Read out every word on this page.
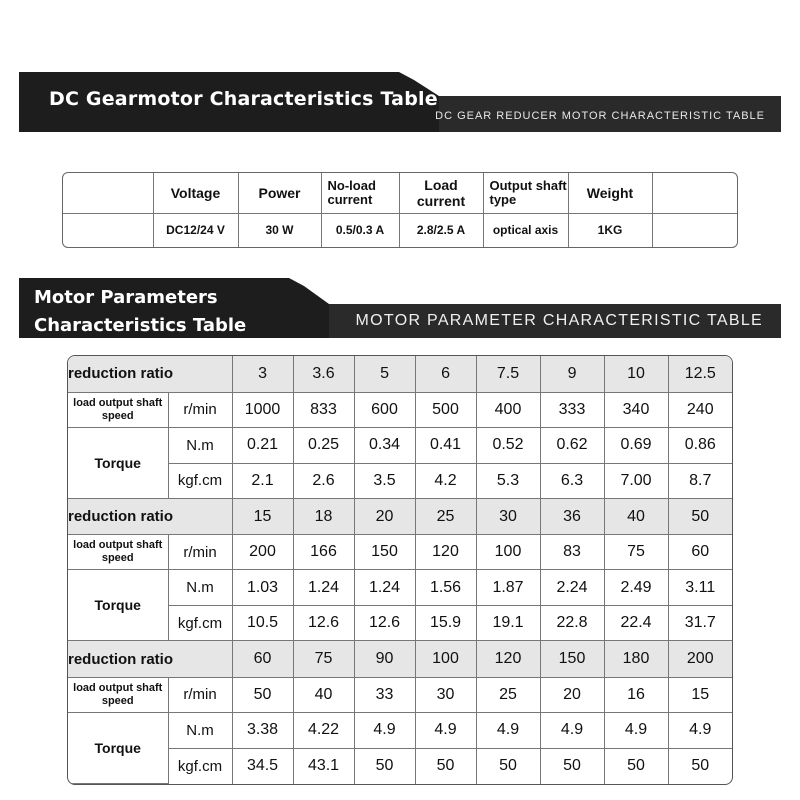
DC Gearmotor Characteristics Table
DC GEAR REDUCER MOTOR CHARACTERISTIC TABLE
	Voltage	Power	No-load current	Load current	Output shaft type	Weight	
	DC12/24 V	30 W	0.5/0.3 A	2.8/2.5 A	optical axis	1KG	
Motor Parameters
Characteristics Table	MOTOR PARAMETER CHARACTERISTIC TABLE
reduction ratio		3	3.6	5	6	7.5	9	10	12.5
load output shaft speed	r/min	1000	833	600	500	400	333	340	240
Torque	N.m	0.21	0.25	0.34	0.41	0.52	0.62	0.69	0.86
	kgf.cm	2.1	2.6	3.5	4.2	5.3	6.3	7.00	8.7
reduction ratio		15	18	20	25	30	36	40	50
load output shaft speed	r/min	200	166	150	120	100	83	75	60
Torque	N.m	1.03	1.24	1.24	1.56	1.87	2.24	2.49	3.11
	kgf.cm	10.5	12.6	12.6	15.9	19.1	22.8	22.4	31.7
reduction ratio		60	75	90	100	120	150	180	200
load output shaft speed	r/min	50	40	33	30	25	20	16	15
Torque	N.m	3.38	4.22	4.9	4.9	4.9	4.9	4.9	4.9
	kgf.cm	34.5	43.1	50	50	50	50	50	50
